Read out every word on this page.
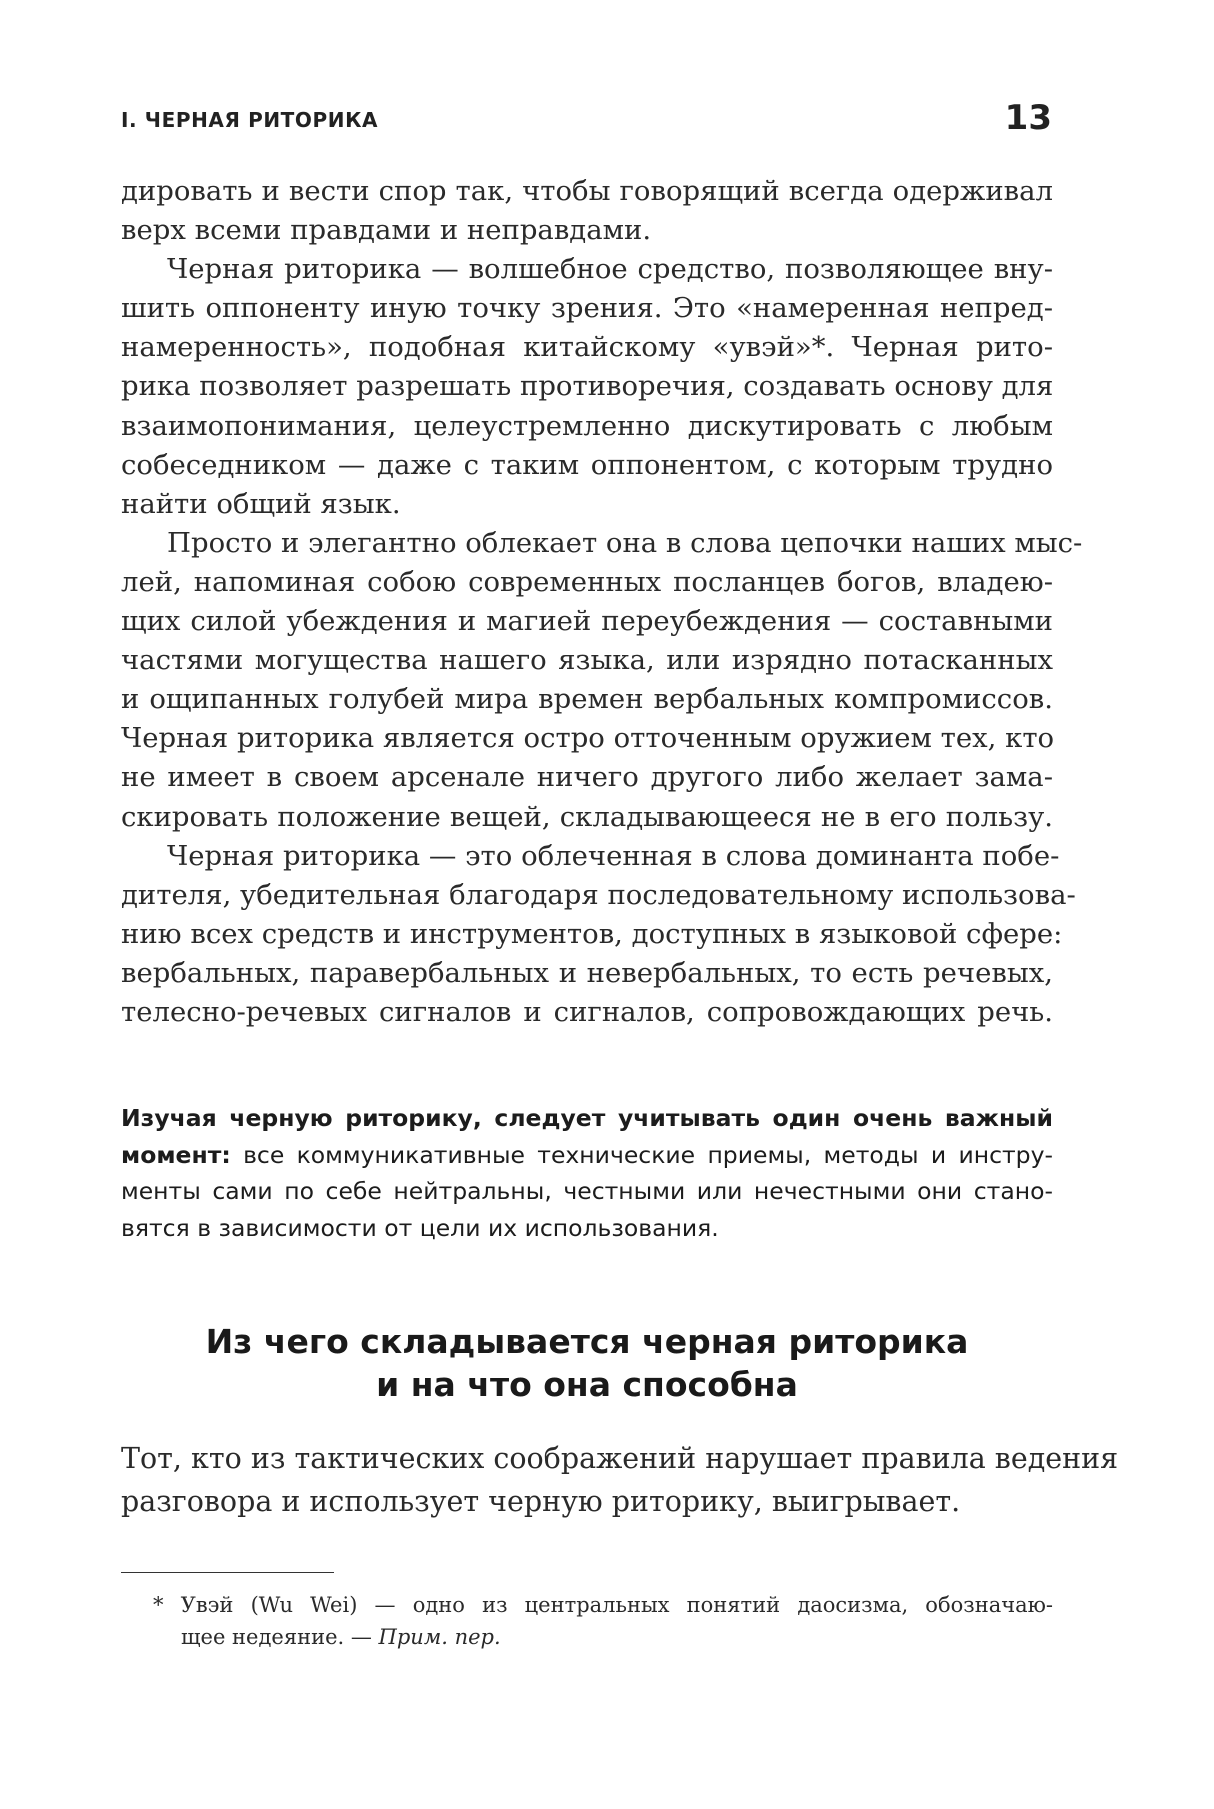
I. ЧЕРНАЯ РИТОРИКА	13

дировать и вести спор так, чтобы говорящий всегда одерживал
верх всеми правдами и неправдами.

Черная риторика — волшебное средство, позволяющее вну-
шить оппоненту иную точку зрения. Это «намеренная непред-
намеренность», подобная китайскому «увэй»*. Черная рито-
рика позволяет разрешать противоречия, создавать основу для
взаимопонимания, целеустремленно дискутировать с любым
собеседником — даже с таким оппонентом, с которым трудно
найти общий язык.

Просто и элегантно облекает она в слова цепочки наших мыс-
лей, напоминая собою современных посланцев богов, владею-
щих силой убеждения и магией переубеждения — составными
частями могущества нашего языка, или изрядно потасканных
и ощипанных голубей мира времен вербальных компромиссов.
Черная риторика является остро отточенным оружием тех, кто
не имеет в своем арсенале ничего другого либо желает зама-
скировать положение вещей, складывающееся не в его пользу.

Черная риторика — это облеченная в слова доминанта побе-
дителя, убедительная благодаря последовательному использова-
нию всех средств и инструментов, доступных в языковой сфере:
вербальных, паравербальных и невербальных, то есть речевых,
телесно-речевых сигналов и сигналов, сопровождающих речь.

Изучая черную риторику, следует учитывать один очень важный
момент: все коммуникативные технические приемы, методы и инстру-
менты сами по себе нейтральны, честными или нечестными они стано-
вятся в зависимости от цели их использования.
Из чего складывается черная риторика
и на что она способна
Тот, кто из тактических соображений нарушает правила ведения
разговора и использует черную риторику, выигрывает.
* Увэй (Wu Wei) — одно из центральных понятий даосизма, обозначаю-
щее недеяние. — Прим. пер.
